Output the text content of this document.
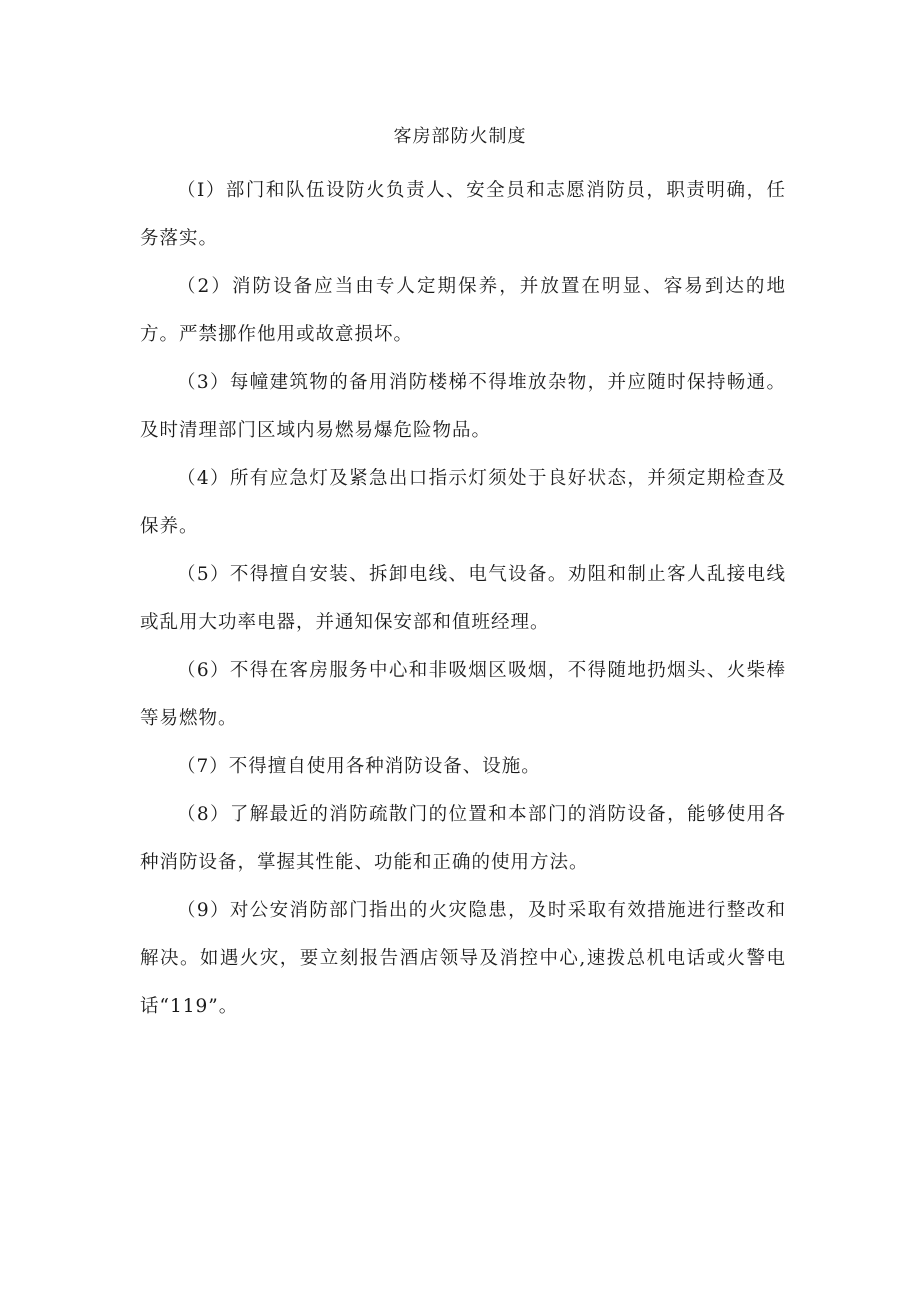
客房部防火制度

（I）部门和队伍设防火负责人、安全员和志愿消防员，职责明确，任务落实。

（2）消防设备应当由专人定期保养，并放置在明显、容易到达的地方。严禁挪作他用或故意损坏。

（3）每幢建筑物的备用消防楼梯不得堆放杂物，并应随时保持畅通。及时清理部门区域内易燃易爆危险物品。

（4）所有应急灯及紧急出口指示灯须处于良好状态，并须定期检查及保养。

（5）不得擅自安装、拆卸电线、电气设备。劝阻和制止客人乱接电线或乱用大功率电器，并通知保安部和值班经理。

（6）不得在客房服务中心和非吸烟区吸烟，不得随地扔烟头、火柴棒等易燃物。

（7）不得擅自使用各种消防设备、设施。

（8）了解最近的消防疏散门的位置和本部门的消防设备，能够使用各种消防设备，掌握其性能、功能和正确的使用方法。

（9）对公安消防部门指出的火灾隐患，及时采取有效措施进行整改和解决。如遇火灾，要立刻报告酒店领导及消控中心,速拨总机电话或火警电话“119”。
